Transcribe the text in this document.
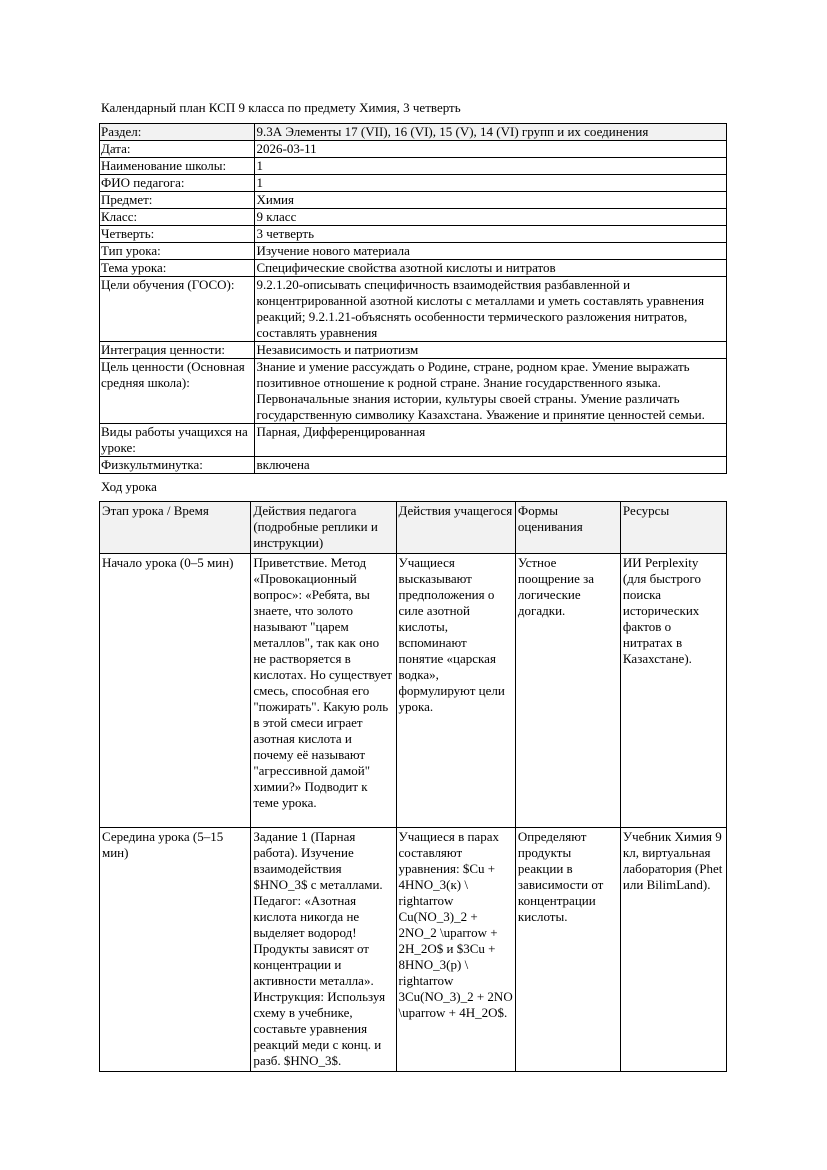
Календарный план КСП 9 класса по предмету Химия, 3 четверть
Раздел:	9.3А Элементы 17 (VII), 16 (VI), 15 (V), 14 (VI) групп и их соединения
Дата:	2026-03-11
Наименование школы:	1
ФИО педагога:	1
Предмет:	Химия
Класс:	9 класс
Четверть:	3 четверть
Тип урока:	Изучение нового материала
Тема урока:	Специфические свойства азотной кислоты и нитратов
Цели обучения (ГОСО):	9.2.1.20-описывать специфичность взаимодействия разбавленной и концентрированной азотной кислоты с металлами и уметь составлять уравнения реакций; 9.2.1.21-объяснять особенности термического разложения нитратов, составлять уравнения
Интеграция ценности:	Независимость и патриотизм
Цель ценности (Основная средняя школа):	Знание и умение рассуждать о Родине, стране, родном крае. Умение выражать позитивное отношение к родной стране. Знание государственного языка. Первоначальные знания истории, культуры своей страны. Умение различать государственную символику Казахстана. Уважение и принятие ценностей семьи.
Виды работы учащихся на уроке:	Парная, Дифференцированная
Физкультминутка:	включена
Ход урока
Этап урока / Время	Действия педагога (подробные реплики и инструкции)	Действия учащегося	Формы оценивания	Ресурсы
Начало урока (0–5 мин)	Приветствие. Метод «Провокационный вопрос»: «Ребята, вы знаете, что золото называют "царем металлов", так как оно не растворяется в кислотах. Но существует смесь, способная его "пожирать". Какую роль в этой смеси играет азотная кислота и почему её называют "агрессивной дамой" химии?» Подводит к теме урока.	Учащиеся высказывают предположения о силе азотной кислоты, вспоминают понятие «царская водка», формулируют цели урока.	Устное поощрение за логические догадки.	ИИ Perplexity (для быстрого поиска исторических фактов о нитратах в Казахстане).
Середина урока (5–15 мин)	Задание 1 (Парная работа). Изучение взаимодействия $HNO_3$ с металлами. Педагог: «Азотная кислота никогда не выделяет водород! Продукты зависят от концентрации и активности металла». Инструкция: Используя схему в учебнике, составьте уравнения реакций меди с конц. и разб. $HNO_3$.	Учащиеся в парах составляют уравнения: $Cu + 4HNO_3(к) \ rightarrow Cu(NO_3)_2 + 2NO_2 \uparrow + 2H_2O$ и $3Cu + 8HNO_3(р) \ rightarrow 3Cu(NO_3)_2 + 2NO \uparrow + 4H_2O$.	Определяют продукты реакции в зависимости от концентрации кислоты.	Учебник Химия 9 кл, виртуальная лаборатория (Phet или BilimLand).
